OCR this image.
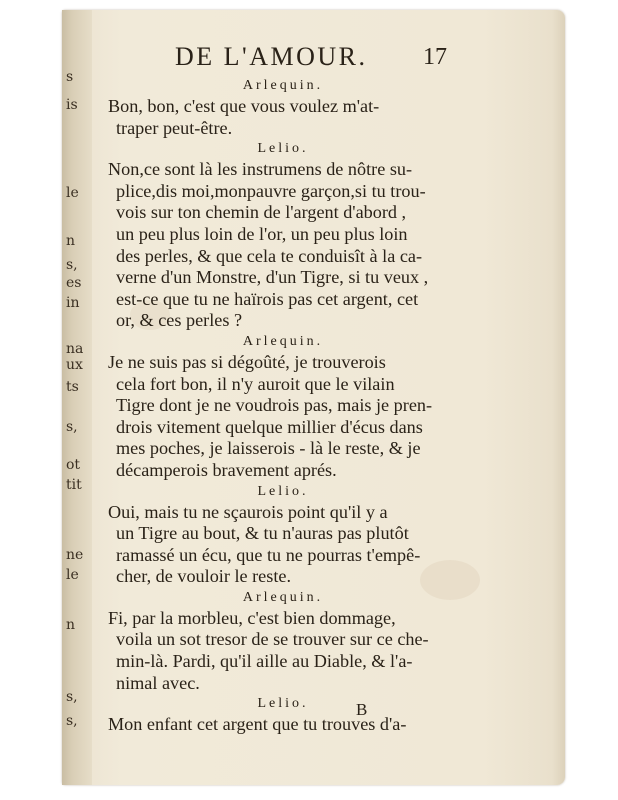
s
is
le
n
s,
es
in
na
ux
ts
s,
ot
tit
ne
le
n
s,
s,
DE L'AMOUR. 17
Arlequin.
Bon, bon, c'est que vous voulez m'at-
traper peut-être.
Lelio.
Non,ce sont là les instrumens de nôtre su-
plice,dis moi,monpauvre garçon,si tu trou-
vois sur ton chemin de l'argent d'abord ,
un peu plus loin de l'or, un peu plus loin
des perles, & que cela te conduisît à la ca-
verne d'un Monstre, d'un Tigre, si tu veux ,
est-ce que tu ne haïrois pas cet argent, cet
or, & ces perles ?
Arlequin.
Je ne suis pas si dégoûté, je trouverois
cela fort bon, il n'y auroit que le vilain
Tigre dont je ne voudrois pas, mais je pren-
drois vitement quelque millier d'écus dans
mes poches, je laisserois - là le reste, & je
décamperois bravement aprés.
Lelio.
Oui, mais tu ne sçaurois point qu'il y a
un Tigre au bout, & tu n'auras pas plutôt
ramassé un écu, que tu ne pourras t'empê-
cher, de vouloir le reste.
Arlequin.
Fi, par la morbleu, c'est bien dommage,
voila un sot tresor de se trouver sur ce che-
min-là. Pardi, qu'il aille au Diable, & l'a-
nimal avec.
Lelio.
Mon enfant cet argent que tu trouves d'a-
B
